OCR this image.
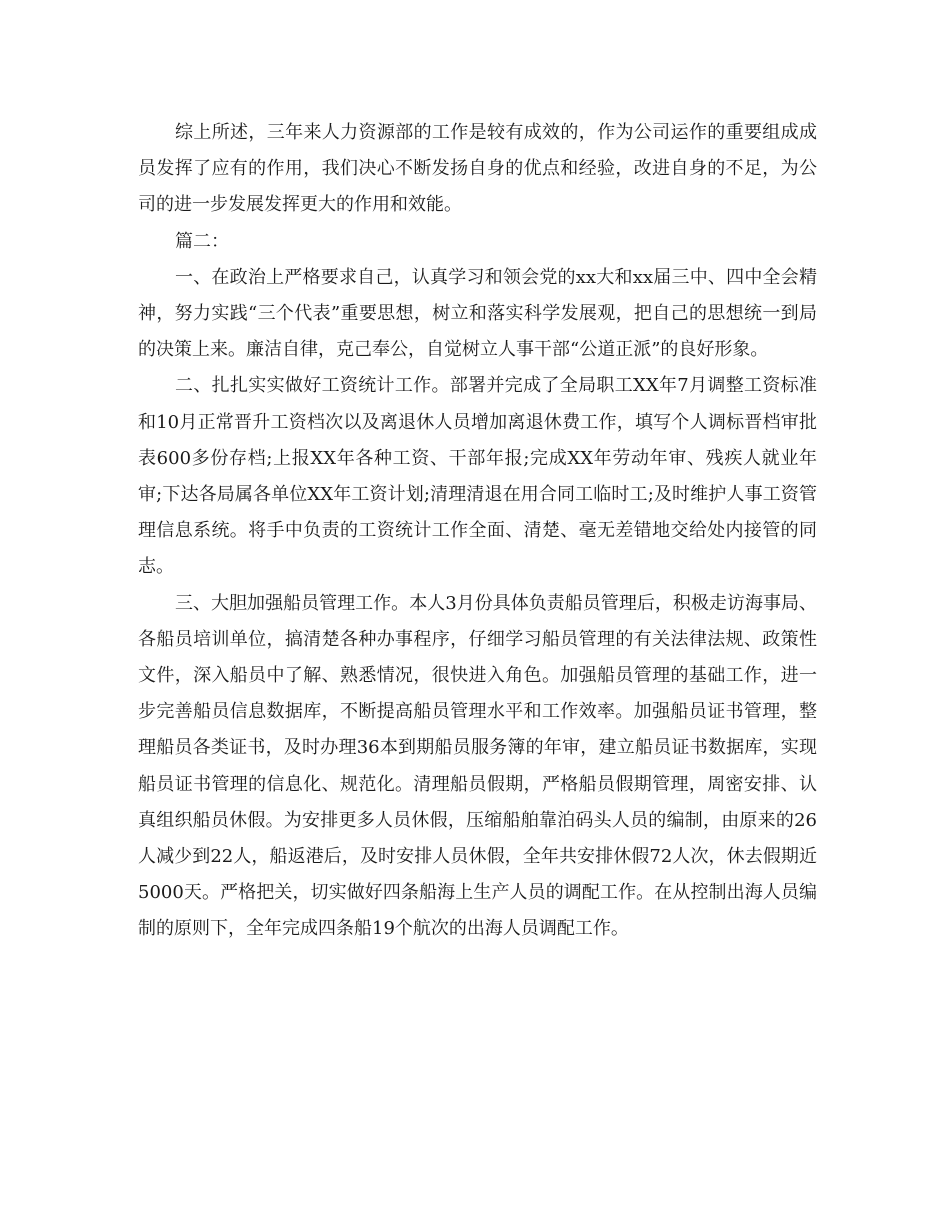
综上所述，三年来人力资源部的工作是较有成效的，作为公司运作的重要组成成员发挥了应有的作用，我们决心不断发扬自身的优点和经验，改进自身的不足，为公司的进一步发展发挥更大的作用和效能。

篇二：

一、在政治上严格要求自己，认真学习和领会党的xx大和xx届三中、四中全会精神，努力实践“三个代表”重要思想，树立和落实科学发展观，把自己的思想统一到局的决策上来。廉洁自律，克己奉公，自觉树立人事干部“公道正派”的良好形象。

二、扎扎实实做好工资统计工作。部署并完成了全局职工XX年7月调整工资标准和10月正常晋升工资档次以及离退休人员增加离退休费工作，填写个人调标晋档审批表600多份存档;上报XX年各种工资、干部年报;完成XX年劳动年审、残疾人就业年审;下达各局属各单位XX年工资计划;清理清退在用合同工临时工;及时维护人事工资管理信息系统。将手中负责的工资统计工作全面、清楚、毫无差错地交给处内接管的同志。

三、大胆加强船员管理工作。本人3月份具体负责船员管理后，积极走访海事局、各船员培训单位，搞清楚各种办事程序，仔细学习船员管理的有关法律法规、政策性文件，深入船员中了解、熟悉情况，很快进入角色。加强船员管理的基础工作，进一步完善船员信息数据库，不断提高船员管理水平和工作效率。加强船员证书管理，整理船员各类证书，及时办理36本到期船员服务簿的年审，建立船员证书数据库，实现船员证书管理的信息化、规范化。清理船员假期，严格船员假期管理，周密安排、认真组织船员休假。为安排更多人员休假，压缩船舶靠泊码头人员的编制，由原来的26人减少到22人，船返港后，及时安排人员休假，全年共安排休假72人次，休去假期近5000天。严格把关，切实做好四条船海上生产人员的调配工作。在从控制出海人员编制的原则下，全年完成四条船19个航次的出海人员调配工作。
